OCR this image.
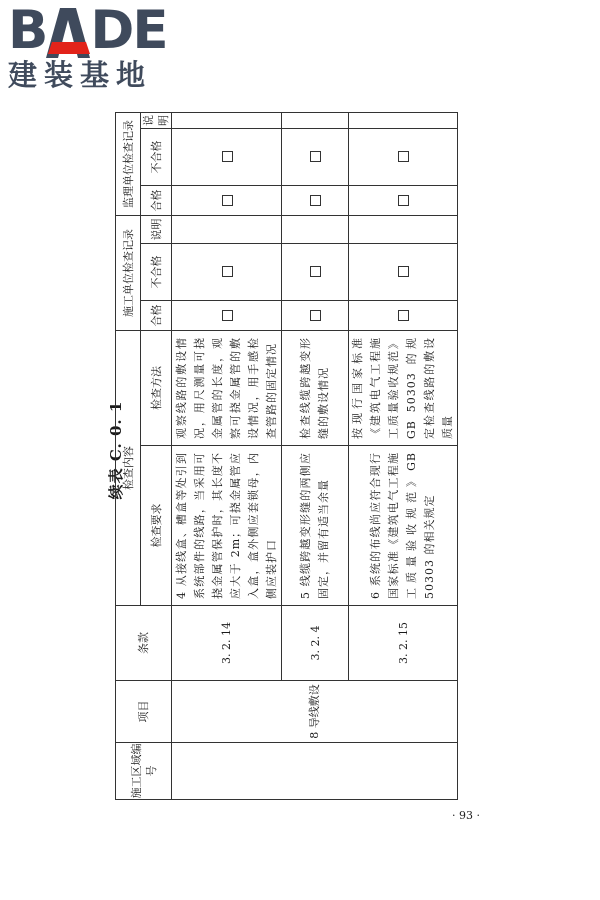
B DE
建装基地
续表 C. 0. 1
施工区域编号	项目	条款	检查内容		施工单位检查记录			监理单位检查记录		
			检查要求	检查方法	合格	不合格	说明	合格	不合格	说明

	8 导线敷设	3. 2. 14	4 从接线盒、槽盒等处引到系统部件的线路，当采用可挠金属管保护时，其长度不应大于 2m；可挠金属管应入盒，盒外侧应套锁母，内侧应装护口	观察线路的敷设情况，用尺测量可挠金属管的长度，观察可挠金属管的敷设情况，用手感检查管路的固定情况						
		3. 2. 4	5 线缆跨越变形缝的两侧应固定，并留有适当余量	检查线缆跨越变形缝的敷设情况						
		3. 2. 15	6 系统的布线尚应符合现行国家标准《建筑电气工程施工质量验收规范》GB 50303 的相关规定	按现行国家标准《建筑电气工程施工质量验收规范》GB 50303 的规定检查线路的敷设质量						
· 93 ·
